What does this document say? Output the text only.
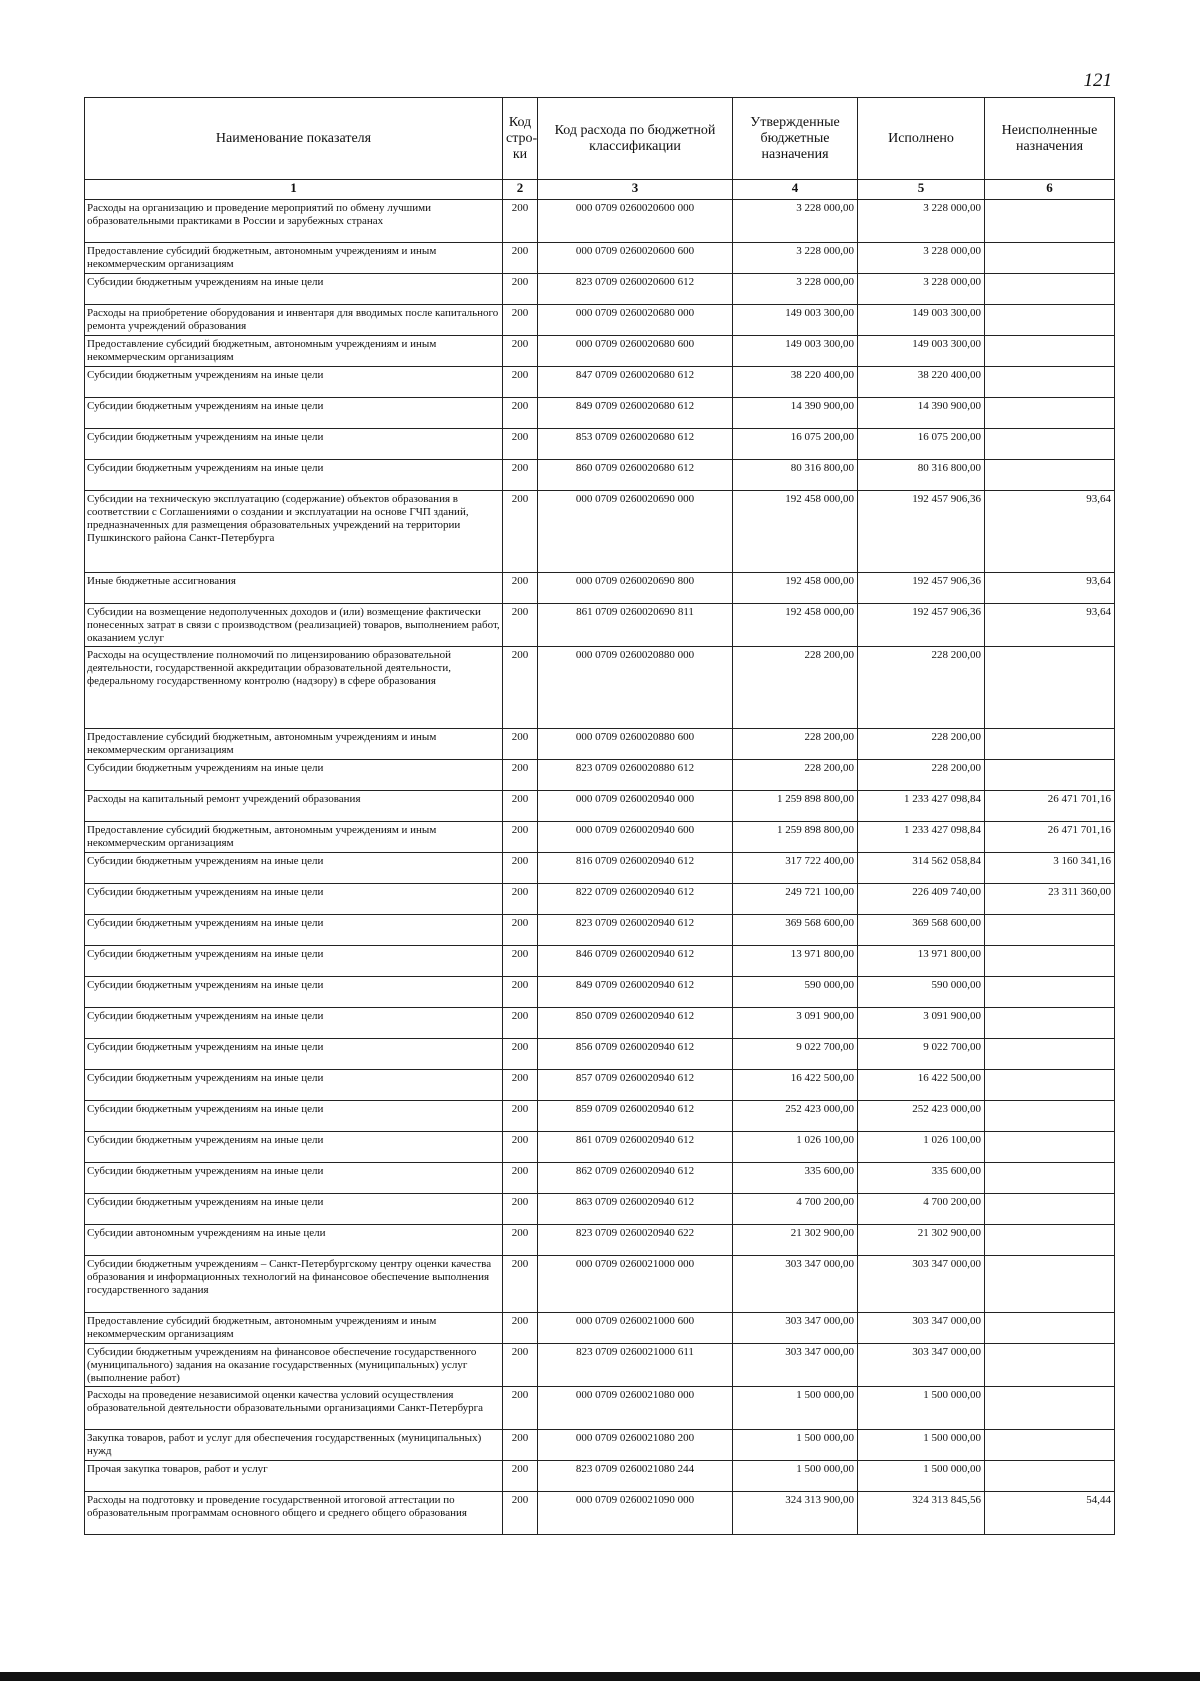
121
Наименование показателя	Код стро-ки	Код расхода по бюджетной классификации	Утвержденные бюджетные назначения	Исполнено	Неисполненные назначения
1	2	3	4	5	6
Расходы на организацию и проведение мероприятий по обмену лучшими образовательными практиками в России и зарубежных странах	200	000 0709 0260020600 000	3 228 000,00	3 228 000,00	
Предоставление субсидий бюджетным, автономным учреждениям и иным некоммерческим организациям	200	000 0709 0260020600 600	3 228 000,00	3 228 000,00	
Субсидии бюджетным учреждениям на иные цели	200	823 0709 0260020600 612	3 228 000,00	3 228 000,00	
Расходы на приобретение оборудования и инвентаря для вводимых после капитального ремонта учреждений образования	200	000 0709 0260020680 000	149 003 300,00	149 003 300,00	
Предоставление субсидий бюджетным, автономным учреждениям и иным некоммерческим организациям	200	000 0709 0260020680 600	149 003 300,00	149 003 300,00	
Субсидии бюджетным учреждениям на иные цели	200	847 0709 0260020680 612	38 220 400,00	38 220 400,00	
Субсидии бюджетным учреждениям на иные цели	200	849 0709 0260020680 612	14 390 900,00	14 390 900,00	
Субсидии бюджетным учреждениям на иные цели	200	853 0709 0260020680 612	16 075 200,00	16 075 200,00	
Субсидии бюджетным учреждениям на иные цели	200	860 0709 0260020680 612	80 316 800,00	80 316 800,00	
Субсидии на техническую эксплуатацию (содержание) объектов образования в соответствии с Соглашениями о создании и эксплуатации на основе ГЧП зданий, предназначенных для размещения образовательных учреждений на территории Пушкинского района Санкт-Петербурга	200	000 0709 0260020690 000	192 458 000,00	192 457 906,36	93,64
Иные бюджетные ассигнования	200	000 0709 0260020690 800	192 458 000,00	192 457 906,36	93,64
Субсидии на возмещение недополученных доходов и (или) возмещение фактически понесенных затрат в связи с производством (реализацией) товаров, выполнением работ, оказанием услуг	200	861 0709 0260020690 811	192 458 000,00	192 457 906,36	93,64
Расходы на осуществление полномочий по лицензированию образовательной деятельности, государственной аккредитации образовательной деятельности, федеральному государственному контролю (надзору) в сфере образования	200	000 0709 0260020880 000	228 200,00	228 200,00	
Предоставление субсидий бюджетным, автономным учреждениям и иным некоммерческим организациям	200	000 0709 0260020880 600	228 200,00	228 200,00	
Субсидии бюджетным учреждениям на иные цели	200	823 0709 0260020880 612	228 200,00	228 200,00	
Расходы на капитальный ремонт учреждений образования	200	000 0709 0260020940 000	1 259 898 800,00	1 233 427 098,84	26 471 701,16
Предоставление субсидий бюджетным, автономным учреждениям и иным некоммерческим организациям	200	000 0709 0260020940 600	1 259 898 800,00	1 233 427 098,84	26 471 701,16
Субсидии бюджетным учреждениям на иные цели	200	816 0709 0260020940 612	317 722 400,00	314 562 058,84	3 160 341,16
Субсидии бюджетным учреждениям на иные цели	200	822 0709 0260020940 612	249 721 100,00	226 409 740,00	23 311 360,00
Субсидии бюджетным учреждениям на иные цели	200	823 0709 0260020940 612	369 568 600,00	369 568 600,00	
Субсидии бюджетным учреждениям на иные цели	200	846 0709 0260020940 612	13 971 800,00	13 971 800,00	
Субсидии бюджетным учреждениям на иные цели	200	849 0709 0260020940 612	590 000,00	590 000,00	
Субсидии бюджетным учреждениям на иные цели	200	850 0709 0260020940 612	3 091 900,00	3 091 900,00	
Субсидии бюджетным учреждениям на иные цели	200	856 0709 0260020940 612	9 022 700,00	9 022 700,00	
Субсидии бюджетным учреждениям на иные цели	200	857 0709 0260020940 612	16 422 500,00	16 422 500,00	
Субсидии бюджетным учреждениям на иные цели	200	859 0709 0260020940 612	252 423 000,00	252 423 000,00	
Субсидии бюджетным учреждениям на иные цели	200	861 0709 0260020940 612	1 026 100,00	1 026 100,00	
Субсидии бюджетным учреждениям на иные цели	200	862 0709 0260020940 612	335 600,00	335 600,00	
Субсидии бюджетным учреждениям на иные цели	200	863 0709 0260020940 612	4 700 200,00	4 700 200,00	
Субсидии автономным учреждениям на иные цели	200	823 0709 0260020940 622	21 302 900,00	21 302 900,00	
Субсидии бюджетным учреждениям – Санкт-Петербургскому центру оценки качества образования и информационных технологий на финансовое обеспечение выполнения государственного задания	200	000 0709 0260021000 000	303 347 000,00	303 347 000,00	
Предоставление субсидий бюджетным, автономным учреждениям и иным некоммерческим организациям	200	000 0709 0260021000 600	303 347 000,00	303 347 000,00	
Субсидии бюджетным учреждениям на финансовое обеспечение государственного (муниципального) задания на оказание государственных (муниципальных) услуг (выполнение работ)	200	823 0709 0260021000 611	303 347 000,00	303 347 000,00	
Расходы на проведение независимой оценки качества условий осуществления образовательной деятельности образовательными организациями Санкт-Петербурга	200	000 0709 0260021080 000	1 500 000,00	1 500 000,00	
Закупка товаров, работ и услуг для обеспечения государственных (муниципальных) нужд	200	000 0709 0260021080 200	1 500 000,00	1 500 000,00	
Прочая закупка товаров, работ и услуг	200	823 0709 0260021080 244	1 500 000,00	1 500 000,00	
Расходы на подготовку и проведение государственной итоговой аттестации по образовательным программам основного общего и среднего общего образования	200	000 0709 0260021090 000	324 313 900,00	324 313 845,56	54,44
